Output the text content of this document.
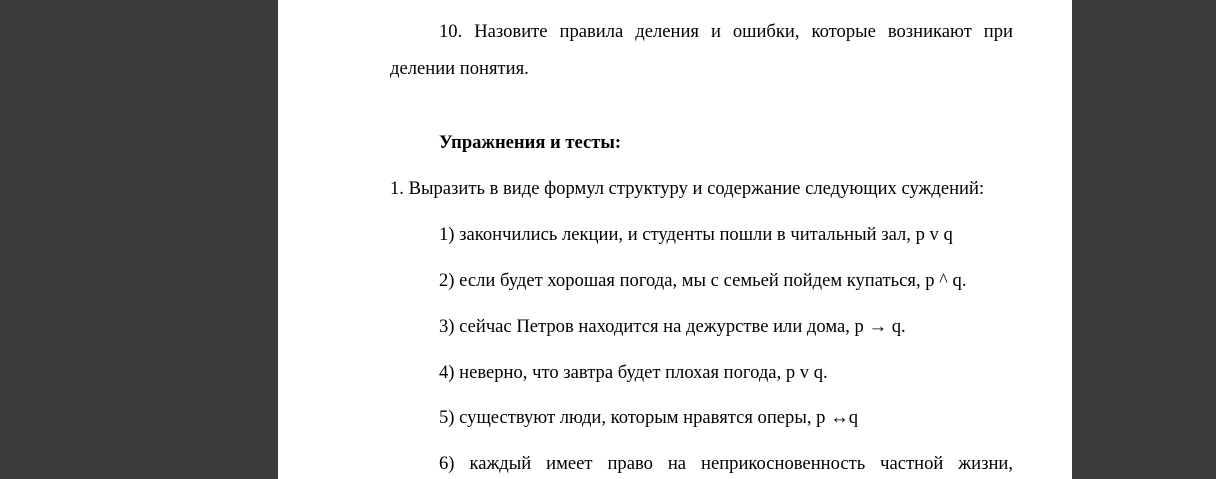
10. Назовите правила деления и ошибки, которые возникают при
делении понятия.
Упражнения и тесты:
1. Выразить в виде формул структуру и содержание следующих суждений:
1) закончились лекции, и студенты пошли в читальный зал, p v q
2) если будет хорошая погода, мы с семьей пойдем купаться, p ^ q.
3) сейчас Петров находится на дежурстве или дома, p → q.
4) неверно, что завтра будет плохая погода, p v q.
5) существуют люди, которым нравятся оперы, p ↔q
6) каждый имеет право на неприкосновенность частной жизни,
